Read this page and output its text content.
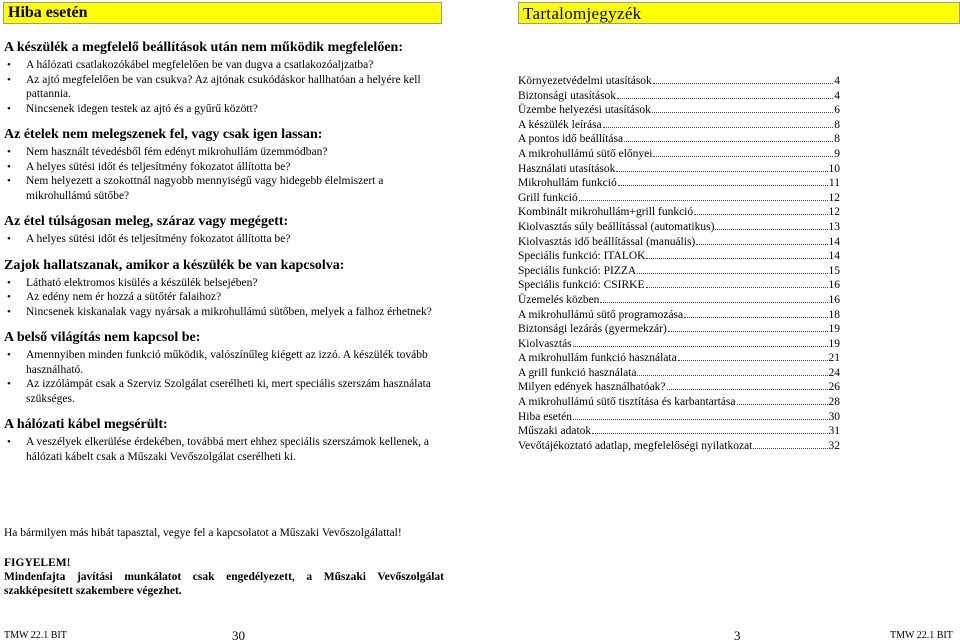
Hiba esetén	Tartalomjegyzék
A készülék a megfelelő beállítások után nem működik megfelelően:
• A hálózati csatlakozókábel megfelelően be van dugva a csatlakozóaljzatba?
• Az ajtó megfelelően be van csukva? Az ajtónak csukódáskor hallhatóan a helyére kell pattannia.
• Nincsenek idegen testek az ajtó és a gyűrű között?
Az ételek nem melegszenek fel, vagy csak igen lassan:
• Nem használt tévedésből fém edényt mikrohullám üzemmódban?
• A helyes sütési időt és teljesítmény fokozatot állította be?
• Nem helyezett a szokottnál nagyobb mennyiségű vagy hidegebb élelmiszert a mikrohullámú sütőbe?
Az étel túlságosan meleg, száraz vagy megégett:
• A helyes sütési időt és teljesítmény fokozatot állította be?
Zajok hallatszanak, amikor a készülék be van kapcsolva:
• Látható elektromos kisülés a készülék belsejében?
• Az edény nem ér hozzá a sütőtér falaihoz?
• Nincsenek kiskanalak vagy nyársak a mikrohullámú sütőben, melyek a falhoz érhetnek?
A belső világítás nem kapcsol be:
• Amennyiben minden funkció működik, valószínűleg kiégett az izzó. A készülék tovább használható.
• Az izzólámpát csak a Szerviz Szolgálat cserélheti ki, mert speciális szerszám használata szükséges.
A hálózati kábel megsérült:
• A veszélyek elkerülése érdekében, továbbá mert ehhez speciális szerszámok kellenek, a hálózati kábelt csak a Műszaki Vevőszolgálat cserélheti ki.
Környezetvédelmi utasítások	4
Biztonsági utasítások	4
Üzembe helyezési utasítások	6
A készülék leírása	8
A pontos idő beállítása	8
A mikrohullámú sütő előnyei	9
Használati utasítások	10
Mikrohullám funkció	11
Grill funkció	12
Kombinált mikrohullám+grill funkció	12
Kiolvasztás súly beállítással (automatikus)	13
Kiolvasztás idő beállítással (manuális)	14
Speciális funkció: ITALOK	14
Speciális funkció: PIZZA	15
Speciális funkció: CSIRKE	16
Üzemelés közben	16
A mikrohullámú sütő programozása	18
Biztonsági lezárás (gyermekzár)	19
Kiolvasztás	19
A mikrohullám funkció használata	21
A grill funkció használata	24
Milyen edények használhatóak?	26
A mikrohullámú sütő tisztítása és karbantartása	28
Hiba esetén	30
Műszaki adatok	31
Vevőtájékoztató adatlap, megfelelőségi nyilatkozat	32
Ha bármilyen más hibát tapasztal, vegye fel a kapcsolatot a Műszaki Vevőszolgálattal!
FIGYELEM!
Mindenfajta javítási munkálatot csak engedélyezett, a Műszaki Vevőszolgálat szakképesített szakembere végezhet.
TMW 22.1 BIT	30	3	TMW 22.1 BIT
